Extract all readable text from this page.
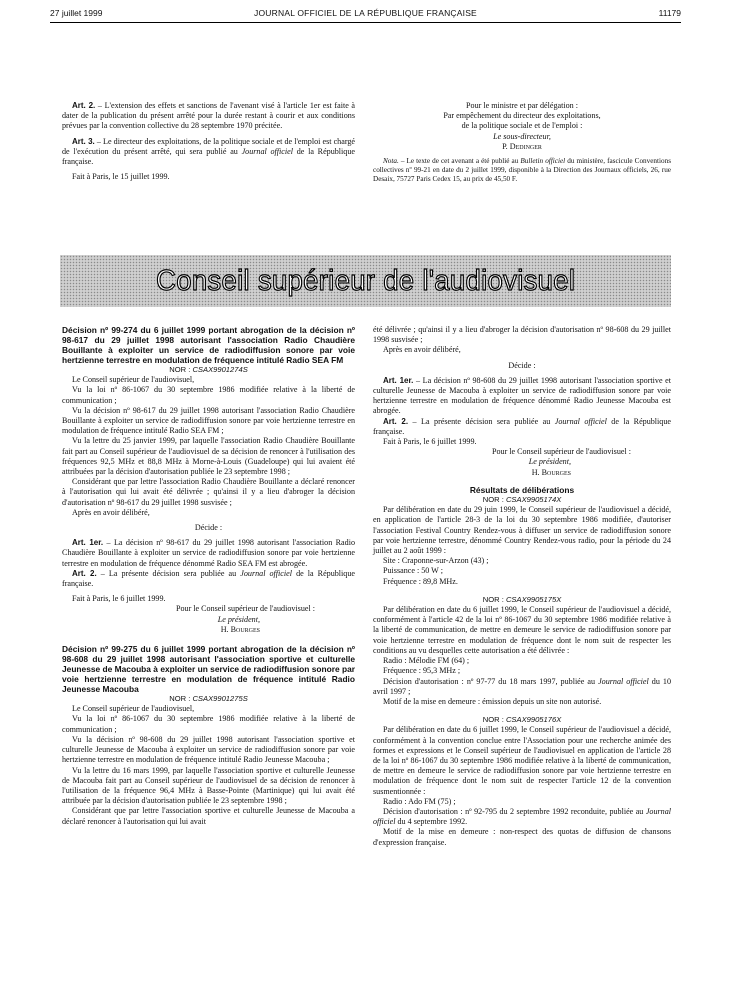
27 juillet 1999	JOURNAL OFFICIEL DE LA RÉPUBLIQUE FRANÇAISE	11179

Art. 2. – L'extension des effets et sanctions de l'avenant visé à l'article 1er est faite à dater de la publication du présent arrêté pour la durée restant à courir et aux conditions prévues par la convention collective du 28 septembre 1970 précitée.

Art. 3. – Le directeur des exploitations, de la politique sociale et de l'emploi est chargé de l'exécution du présent arrêté, qui sera publié au Journal officiel de la République française.

Fait à Paris, le 15 juillet 1999.

Pour le ministre et par délégation :

Par empêchement du directeur des exploitations,

de la politique sociale et de l'emploi :

Le sous-directeur,

P. Dedinger

Nota. – Le texte de cet avenant a été publié au Bulletin officiel du ministère, fascicule Conventions collectives nº 99-21 en date du 2 juillet 1999, disponible à la Direction des Journaux officiels, 26, rue Desaix, 75727 Paris Cedex 15, au prix de 45,50 F.

Conseil supérieur de l'audiovisuel

Décision nº 99-274 du 6 juillet 1999 portant abrogation de la décision nº 98-617 du 29 juillet 1998 autorisant l'association Radio Chaudière Bouillante à exploiter un service de radiodiffusion sonore par voie hertzienne terrestre en modulation de fréquence intitulé Radio SEA FM

NOR : CSAX9901274S

Le Conseil supérieur de l'audiovisuel,

Vu la loi nº 86-1067 du 30 septembre 1986 modifiée relative à la liberté de communication ;

Vu la décision nº 98-617 du 29 juillet 1998 autorisant l'association Radio Chaudière Bouillante à exploiter un service de radiodiffusion sonore par voie hertzienne terrestre en modulation de fréquence intitulé Radio SEA FM ;

Vu la lettre du 25 janvier 1999, par laquelle l'association Radio Chaudière Bouillante fait part au Conseil supérieur de l'audiovisuel de sa décision de renoncer à l'utilisation des fréquences 92,5 MHz et 88,8 MHz à Morne-à-Louis (Guadeloupe) qui lui avaient été attribuées par la décision d'autorisation publiée le 23 septembre 1998 ;

Considérant que par lettre l'association Radio Chaudière Bouillante a déclaré renoncer à l'autorisation qui lui avait été délivrée ; qu'ainsi il y a lieu d'abroger la décision d'autorisation nº 98-617 du 29 juillet 1998 susvisée ;

Après en avoir délibéré,

Décide :

Art. 1er. – La décision nº 98-617 du 29 juillet 1998 autorisant l'association Radio Chaudière Bouillante à exploiter un service de radiodiffusion sonore par voie hertzienne terrestre en modulation de fréquence dénommé Radio SEA FM est abrogée.

Art. 2. – La présente décision sera publiée au Journal officiel de la République française.

Fait à Paris, le 6 juillet 1999.

Pour le Conseil supérieur de l'audiovisuel :

Le président,

H. Bourges

Décision nº 99-275 du 6 juillet 1999 portant abrogation de la décision nº 98-608 du 29 juillet 1998 autorisant l'association sportive et culturelle Jeunesse de Macouba à exploiter un service de radiodiffusion sonore par voie hertzienne terrestre en modulation de fréquence intitulé Radio Jeunesse Macouba

NOR : CSAX9901275S

Le Conseil supérieur de l'audiovisuel,

Vu la loi nº 86-1067 du 30 septembre 1986 modifiée relative à la liberté de communication ;

Vu la décision nº 98-608 du 29 juillet 1998 autorisant l'association sportive et culturelle Jeunesse de Macouba à exploiter un service de radiodiffusion sonore par voie hertzienne terrestre en modulation de fréquence intitulé Radio Jeunesse Macouba ;

Vu la lettre du 16 mars 1999, par laquelle l'association sportive et culturelle Jeunesse de Macouba fait part au Conseil supérieur de l'audiovisuel de sa décision de renoncer à l'utilisation de la fréquence 96,4 MHz à Basse-Pointe (Martinique) qui lui avait été attribuée par la décision d'autorisation publiée le 23 septembre 1998 ;

Considérant que par lettre l'association sportive et culturelle Jeunesse de Macouba a déclaré renoncer à l'autorisation qui lui avait

été délivrée ; qu'ainsi il y a lieu d'abroger la décision d'autorisation nº 98-608 du 29 juillet 1998 susvisée ;

Après en avoir délibéré,

Décide :

Art. 1er. – La décision nº 98-608 du 29 juillet 1998 autorisant l'association sportive et culturelle Jeunesse de Macouba à exploiter un service de radiodiffusion sonore par voie hertzienne terrestre en modulation de fréquence dénommé Radio Jeunesse Macouba est abrogée.

Art. 2. – La présente décision sera publiée au Journal officiel de la République française.

Fait à Paris, le 6 juillet 1999.

Pour le Conseil supérieur de l'audiovisuel :

Le président,

H. Bourges

Résultats de délibérations

NOR : CSAX9905174X

Par délibération en date du 29 juin 1999, le Conseil supérieur de l'audiovisuel a décidé, en application de l'article 28-3 de la loi du 30 septembre 1986 modifiée, d'autoriser l'association Festival Country Rendez-vous à diffuser un service de radiodiffusion sonore par voie hertzienne terrestre, dénommé Country Rendez-vous radio, pour la période du 24 juillet au 2 août 1999 :

Site : Craponne-sur-Arzon (43) ;

Puissance : 50 W ;

Fréquence : 89,8 MHz.

NOR : CSAX9905175X

Par délibération en date du 6 juillet 1999, le Conseil supérieur de l'audiovisuel a décidé, conformément à l'article 42 de la loi nº 86-1067 du 30 septembre 1986 modifiée relative à la liberté de communication, de mettre en demeure le service de radiodiffusion sonore par voie hertzienne terrestre en modulation de fréquence dont le nom suit de respecter les conditions au vu desquelles cette autorisation a été délivrée :

Radio : Mélodie FM (64) ;

Fréquence : 95,3 MHz ;

Décision d'autorisation : nº 97-77 du 18 mars 1997, publiée au Journal officiel du 10 avril 1997 ;

Motif de la mise en demeure : émission depuis un site non autorisé.

NOR : CSAX9905176X

Par délibération en date du 6 juillet 1999, le Conseil supérieur de l'audiovisuel a décidé, conformément à la convention conclue entre l'Association pour une recherche animée des formes et expressions et le Conseil supérieur de l'audiovisuel en application de l'article 28 de la loi nº 86-1067 du 30 septembre 1986 modifiée relative à la liberté de communication, de mettre en demeure le service de radiodiffusion sonore par voie hertzienne terrestre en modulation de fréquence dont le nom suit de respecter l'article 12 de la convention susmentionnée :

Radio : Ado FM (75) ;

Décision d'autorisation : nº 92-795 du 2 septembre 1992 reconduite, publiée au Journal officiel du 4 septembre 1992.

Motif de la mise en demeure : non-respect des quotas de diffusion de chansons d'expression française.
